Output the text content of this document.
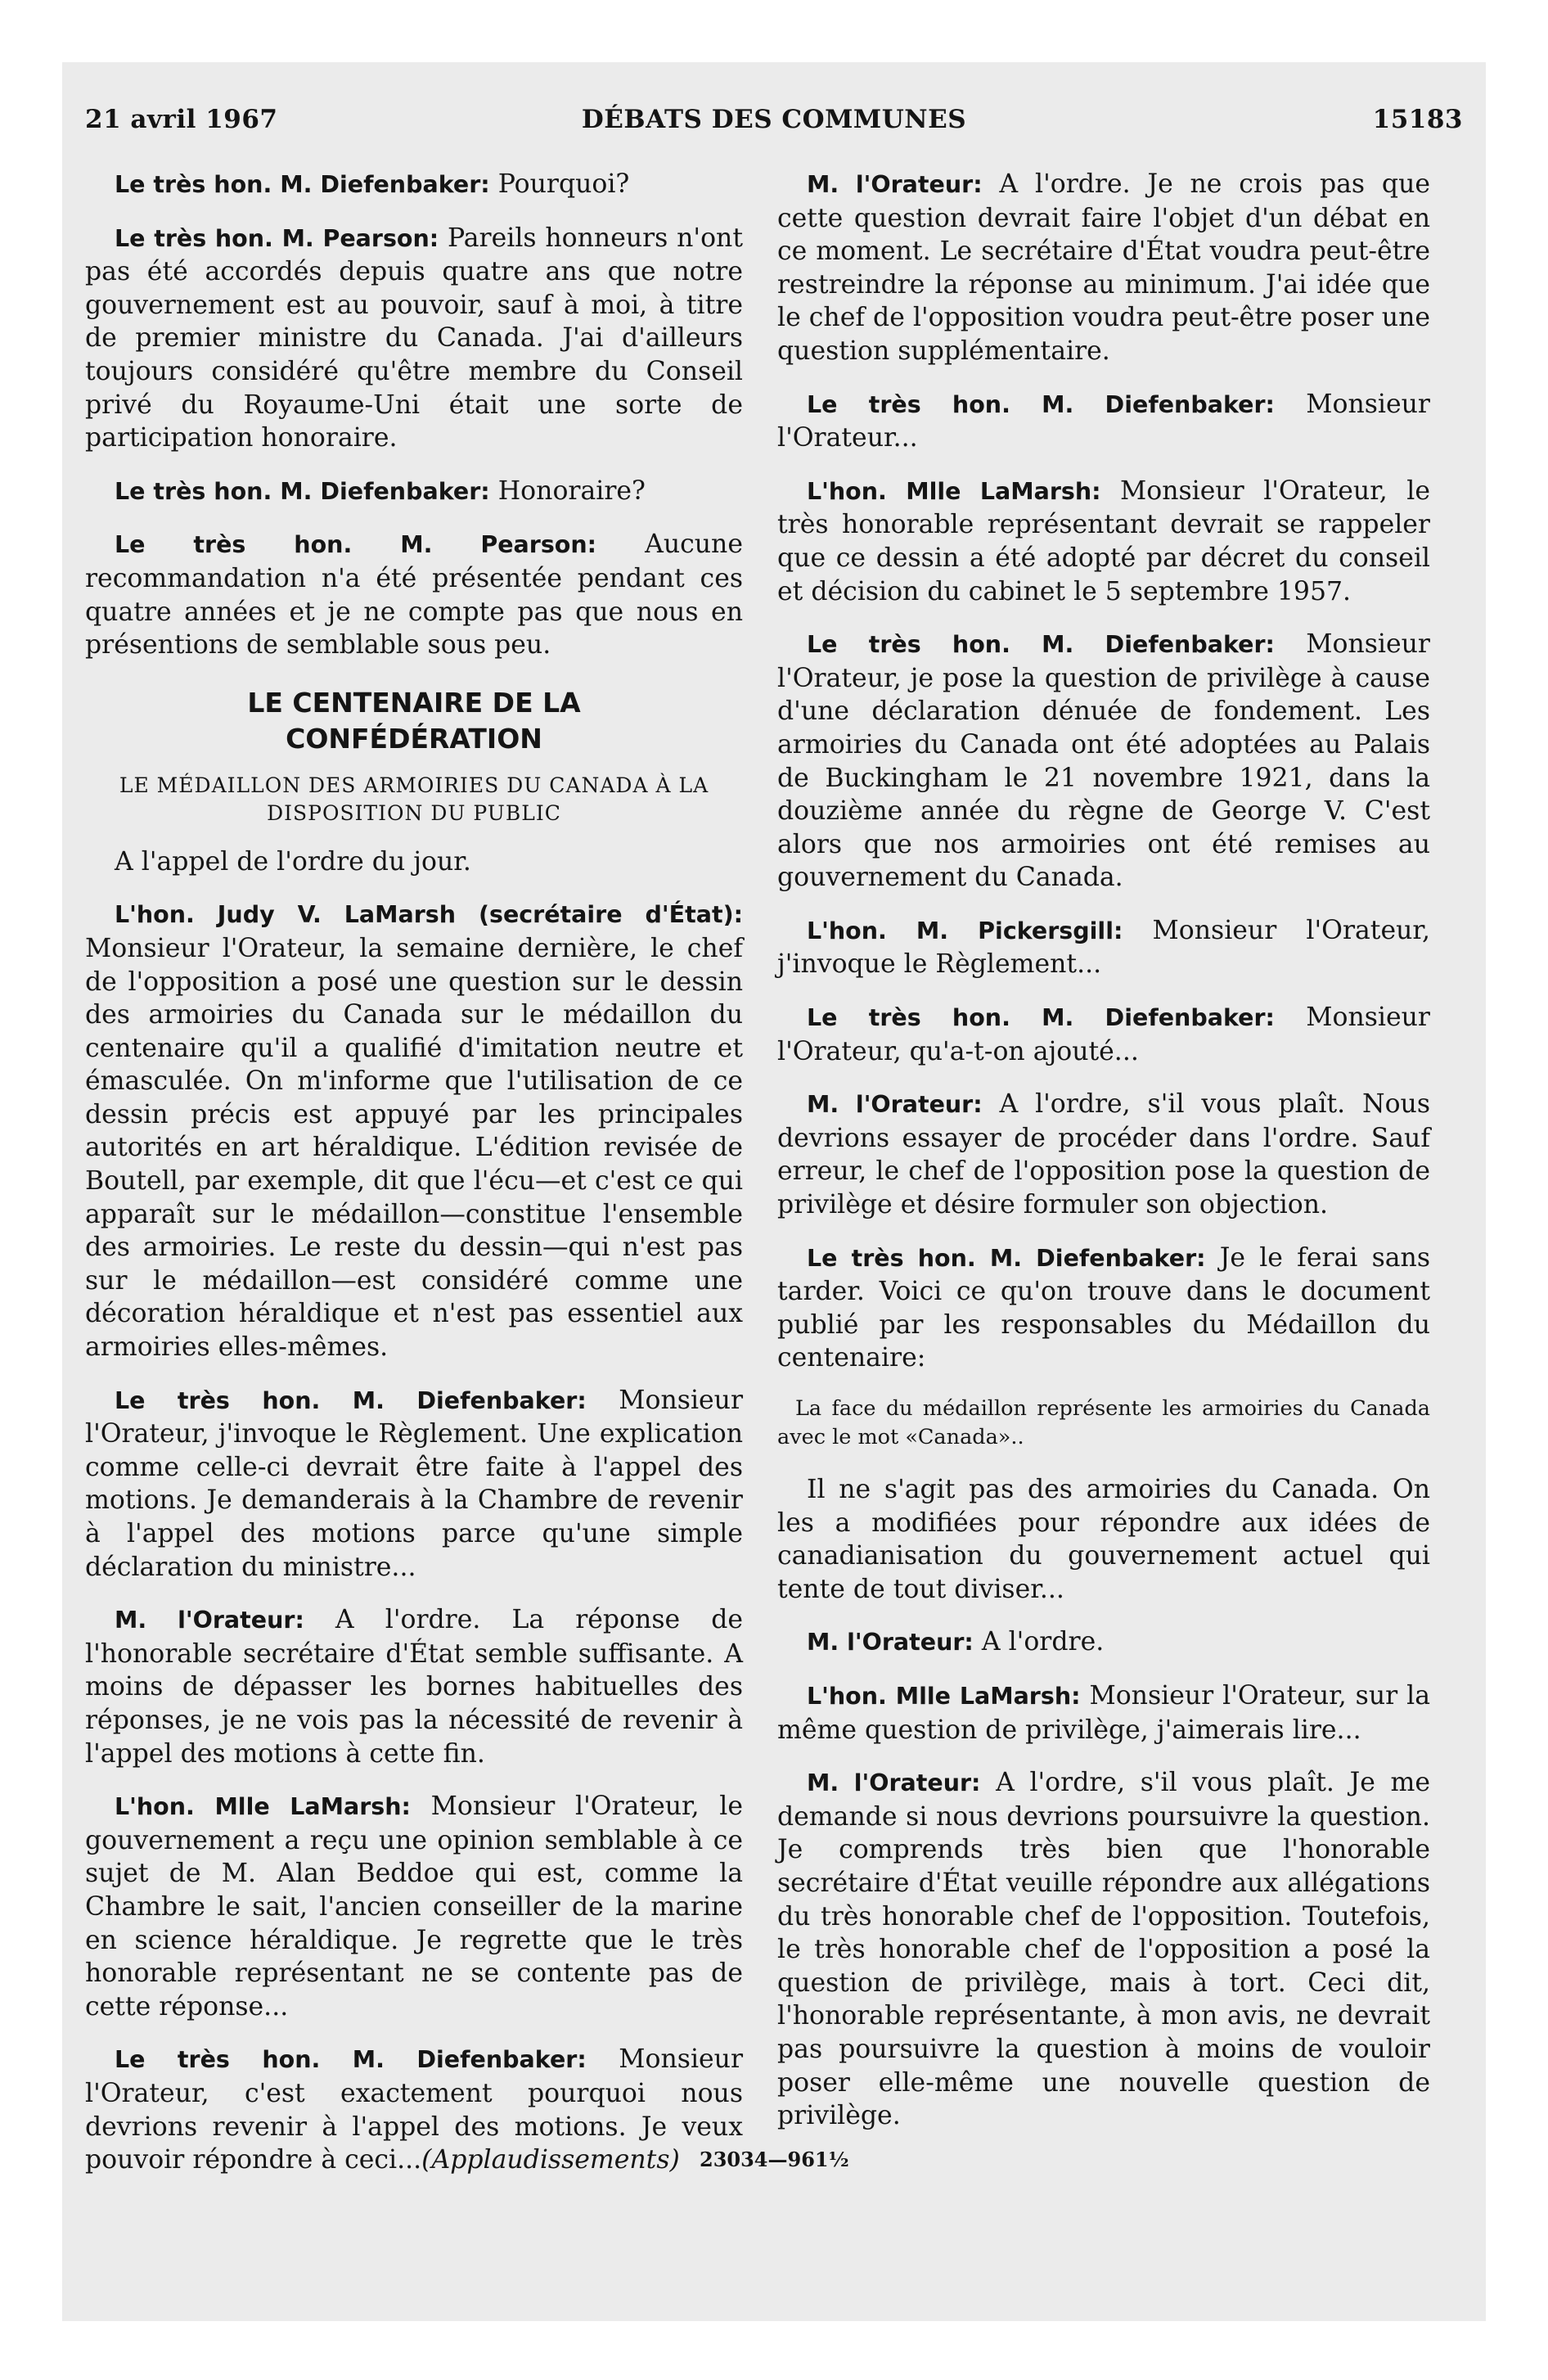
21 avril 1967	DÉBATS DES COMMUNES	15183

Le très hon. M. Diefenbaker: Pourquoi?

Le très hon. M. Pearson: Pareils honneurs n'ont pas été accordés depuis quatre ans que notre gouvernement est au pouvoir, sauf à moi, à titre de premier ministre du Canada. J'ai d'ailleurs toujours considéré qu'être membre du Conseil privé du Royaume-Uni était une sorte de participation honoraire.

Le très hon. M. Diefenbaker: Honoraire?

Le très hon. M. Pearson: Aucune recommandation n'a été présentée pendant ces quatre années et je ne compte pas que nous en présentions de semblable sous peu.

LE CENTENAIRE DE LA CONFÉDÉRATION
LE MÉDAILLON DES ARMOIRIES DU CANADA À LA DISPOSITION DU PUBLIC

A l'appel de l'ordre du jour.

L'hon. Judy V. LaMarsh (secrétaire d'État): Monsieur l'Orateur, la semaine dernière, le chef de l'opposition a posé une question sur le dessin des armoiries du Canada sur le médaillon du centenaire qu'il a qualifié d'imitation neutre et émasculée. On m'informe que l'utilisation de ce dessin précis est appuyé par les principales autorités en art héraldique. L'édition revisée de Boutell, par exemple, dit que l'écu—et c'est ce qui apparaît sur le médaillon—constitue l'ensemble des armoiries. Le reste du dessin—qui n'est pas sur le médaillon—est considéré comme une décoration héraldique et n'est pas essentiel aux armoiries elles-mêmes.

Le très hon. M. Diefenbaker: Monsieur l'Orateur, j'invoque le Règlement. Une explication comme celle-ci devrait être faite à l'appel des motions. Je demanderais à la Chambre de revenir à l'appel des motions parce qu'une simple déclaration du ministre...

M. l'Orateur: A l'ordre. La réponse de l'honorable secrétaire d'État semble suffisante. A moins de dépasser les bornes habituelles des réponses, je ne vois pas la nécessité de revenir à l'appel des motions à cette fin.

L'hon. Mlle LaMarsh: Monsieur l'Orateur, le gouvernement a reçu une opinion semblable à ce sujet de M. Alan Beddoe qui est, comme la Chambre le sait, l'ancien conseiller de la marine en science héraldique. Je regrette que le très honorable représentant ne se contente pas de cette réponse...

Le très hon. M. Diefenbaker: Monsieur l'Orateur, c'est exactement pourquoi nous devrions revenir à l'appel des motions. Je veux pouvoir répondre à ceci...(Applaudissements)

M. l'Orateur: A l'ordre. Je ne crois pas que cette question devrait faire l'objet d'un débat en ce moment. Le secrétaire d'État voudra peut-être restreindre la réponse au minimum. J'ai idée que le chef de l'opposition voudra peut-être poser une question supplémentaire.

Le très hon. M. Diefenbaker: Monsieur l'Orateur...

L'hon. Mlle LaMarsh: Monsieur l'Orateur, le très honorable représentant devrait se rappeler que ce dessin a été adopté par décret du conseil et décision du cabinet le 5 septembre 1957.

Le très hon. M. Diefenbaker: Monsieur l'Orateur, je pose la question de privilège à cause d'une déclaration dénuée de fondement. Les armoiries du Canada ont été adoptées au Palais de Buckingham le 21 novembre 1921, dans la douzième année du règne de George V. C'est alors que nos armoiries ont été remises au gouvernement du Canada.

L'hon. M. Pickersgill: Monsieur l'Orateur, j'invoque le Règlement...

Le très hon. M. Diefenbaker: Monsieur l'Orateur, qu'a-t-on ajouté...

M. l'Orateur: A l'ordre, s'il vous plaît. Nous devrions essayer de procéder dans l'ordre. Sauf erreur, le chef de l'opposition pose la question de privilège et désire formuler son objection.

Le très hon. M. Diefenbaker: Je le ferai sans tarder. Voici ce qu'on trouve dans le document publié par les responsables du Médaillon du centenaire:

La face du médaillon représente les armoiries du Canada avec le mot «Canada»..

Il ne s'agit pas des armoiries du Canada. On les a modifiées pour répondre aux idées de canadianisation du gouvernement actuel qui tente de tout diviser...

M. l'Orateur: A l'ordre.

L'hon. Mlle LaMarsh: Monsieur l'Orateur, sur la même question de privilège, j'aimerais lire...

M. l'Orateur: A l'ordre, s'il vous plaît. Je me demande si nous devrions poursuivre la question. Je comprends très bien que l'honorable secrétaire d'État veuille répondre aux allégations du très honorable chef de l'opposition. Toutefois, le très honorable chef de l'opposition a posé la question de privilège, mais à tort. Ceci dit, l'honorable représentante, à mon avis, ne devrait pas poursuivre la question à moins de vouloir poser elle-même une nouvelle question de privilège.

23034—961½
